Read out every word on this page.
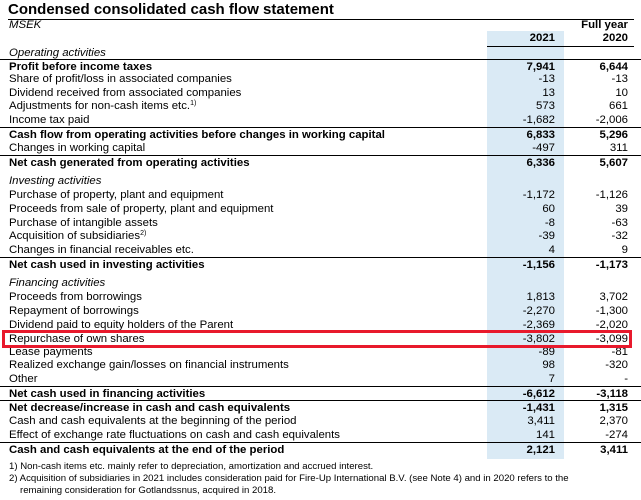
Condensed consolidated cash flow statement
MSEK	Full year
2021	2020
Operating activities
Profit before income taxes	7,941	6,644
Share of profit/loss in associated companies	-13	-13
Dividend received from associated companies	13	10
Adjustments for non-cash items etc.$^{1)}$	573	661
Income tax paid	-1,682	-2,006
Cash flow from operating activities before changes in working capital	6,833	5,296
Changes in working capital	-497	311
Net cash generated from operating activities	6,336	5,607
Investing activities
Purchase of property, plant and equipment	-1,172	-1,126
Proceeds from sale of property, plant and equipment	60	39
Purchase of intangible assets	-8	-63
Acquisition of subsidiaries$^{2)}$	-39	-32
Changes in financial receivables etc.	4	9
Net cash used in investing activities	-1,156	-1,173
Financing activities
Proceeds from borrowings	1,813	3,702
Repayment of borrowings	-2,270	-1,300
Dividend paid to equity holders of the Parent	-2,369	-2,020
Repurchase of own shares	-3,802	-3,099
Lease payments	-89	-81
Realized exchange gain/losses on financial instruments	98	-320
Other	7	-
Net cash used in financing activities	-6,612	-3,118
Net decrease/increase in cash and cash equivalents	-1,431	1,315
Cash and cash equivalents at the beginning of the period	3,411	2,370
Effect of exchange rate fluctuations on cash and cash equivalents	141	-274
Cash and cash equivalents at the end of the period	2,121	3,411
1) Non-cash items etc. mainly refer to depreciation, amortization and accrued interest.
2) Acquisition of subsidiaries in 2021 includes consideration paid for Fire-Up International B.V. (see Note 4) and in 2020 refers to the
remaining consideration for Gotlandssnus, acquired in 2018.
